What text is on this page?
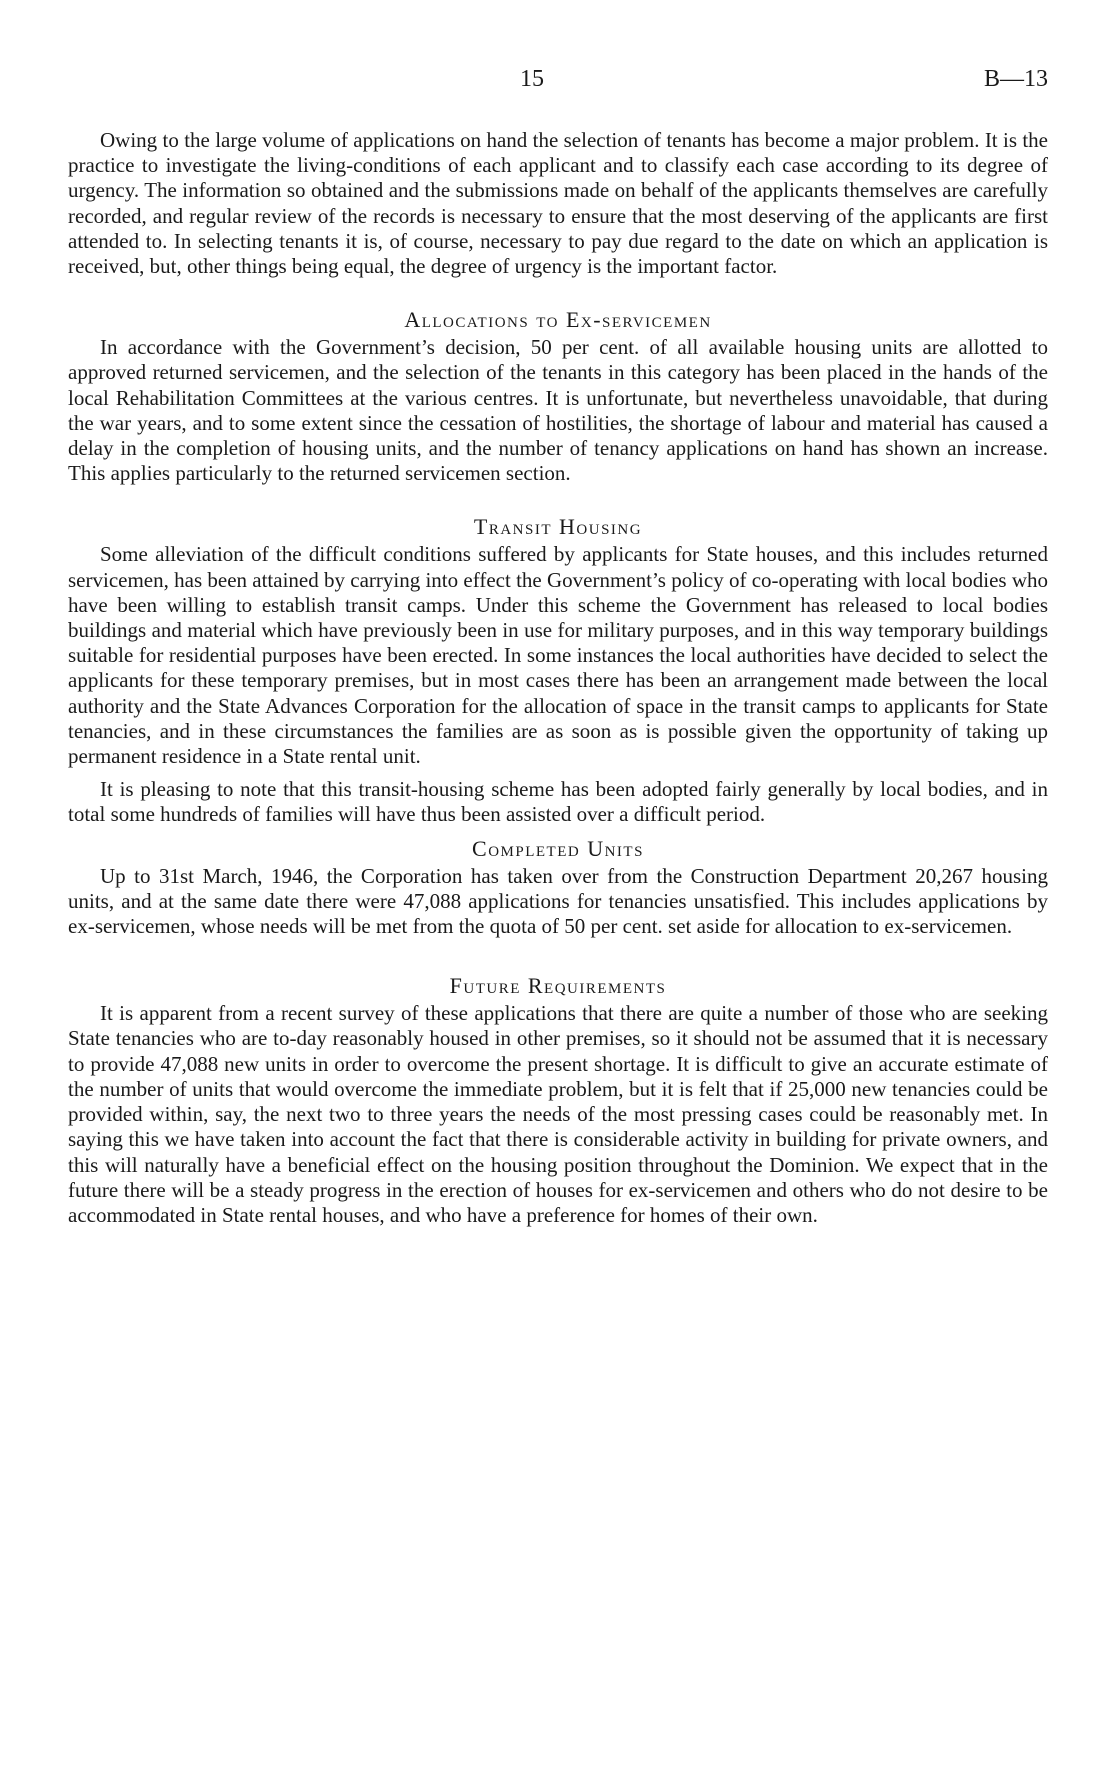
15	B—13

Owing to the large volume of applications on hand the selection of tenants has become a major problem. It is the practice to investigate the living-conditions of each applicant and to classify each case according to its degree of urgency. The information so obtained and the submissions made on behalf of the applicants themselves are carefully recorded, and regular review of the records is necessary to ensure that the most deserving of the applicants are first attended to. In selecting tenants it is, of course, necessary to pay due regard to the date on which an application is received, but, other things being equal, the degree of urgency is the important factor.

Allocations to Ex-servicemen

In accordance with the Government’s decision, 50 per cent. of all available housing units are allotted to approved returned servicemen, and the selection of the tenants in this category has been placed in the hands of the local Rehabilitation Committees at the various centres. It is unfortunate, but nevertheless unavoidable, that during the war years, and to some extent since the cessation of hostilities, the shortage of labour and material has caused a delay in the completion of housing units, and the number of tenancy applications on hand has shown an increase. This applies particularly to the returned servicemen section.

Transit Housing

Some alleviation of the difficult conditions suffered by applicants for State houses, and this includes returned servicemen, has been attained by carrying into effect the Government’s policy of co-operating with local bodies who have been willing to establish transit camps. Under this scheme the Government has released to local bodies buildings and material which have previously been in use for military purposes, and in this way temporary buildings suitable for residential purposes have been erected. In some instances the local authorities have decided to select the applicants for these temporary premises, but in most cases there has been an arrangement made between the local authority and the State Advances Corporation for the allocation of space in the transit camps to applicants for State tenancies, and in these circumstances the families are as soon as is possible given the opportunity of taking up permanent residence in a State rental unit.

It is pleasing to note that this transit-housing scheme has been adopted fairly generally by local bodies, and in total some hundreds of families will have thus been assisted over a difficult period.

Completed Units

Up to 31st March, 1946, the Corporation has taken over from the Construction Department 20,267 housing units, and at the same date there were 47,088 applications for tenancies unsatisfied. This includes applications by ex-servicemen, whose needs will be met from the quota of 50 per cent. set aside for allocation to ex-servicemen.

Future Requirements

It is apparent from a recent survey of these applications that there are quite a number of those who are seeking State tenancies who are to-day reasonably housed in other premises, so it should not be assumed that it is necessary to provide 47,088 new units in order to overcome the present shortage. It is difficult to give an accurate estimate of the number of units that would overcome the immediate problem, but it is felt that if 25,000 new tenancies could be provided within, say, the next two to three years the needs of the most pressing cases could be reasonably met. In saying this we have taken into account the fact that there is considerable activity in building for private owners, and this will naturally have a beneficial effect on the housing position throughout the Dominion. We expect that in the future there will be a steady progress in the erection of houses for ex-servicemen and others who do not desire to be accommodated in State rental houses, and who have a preference for homes of their own.
